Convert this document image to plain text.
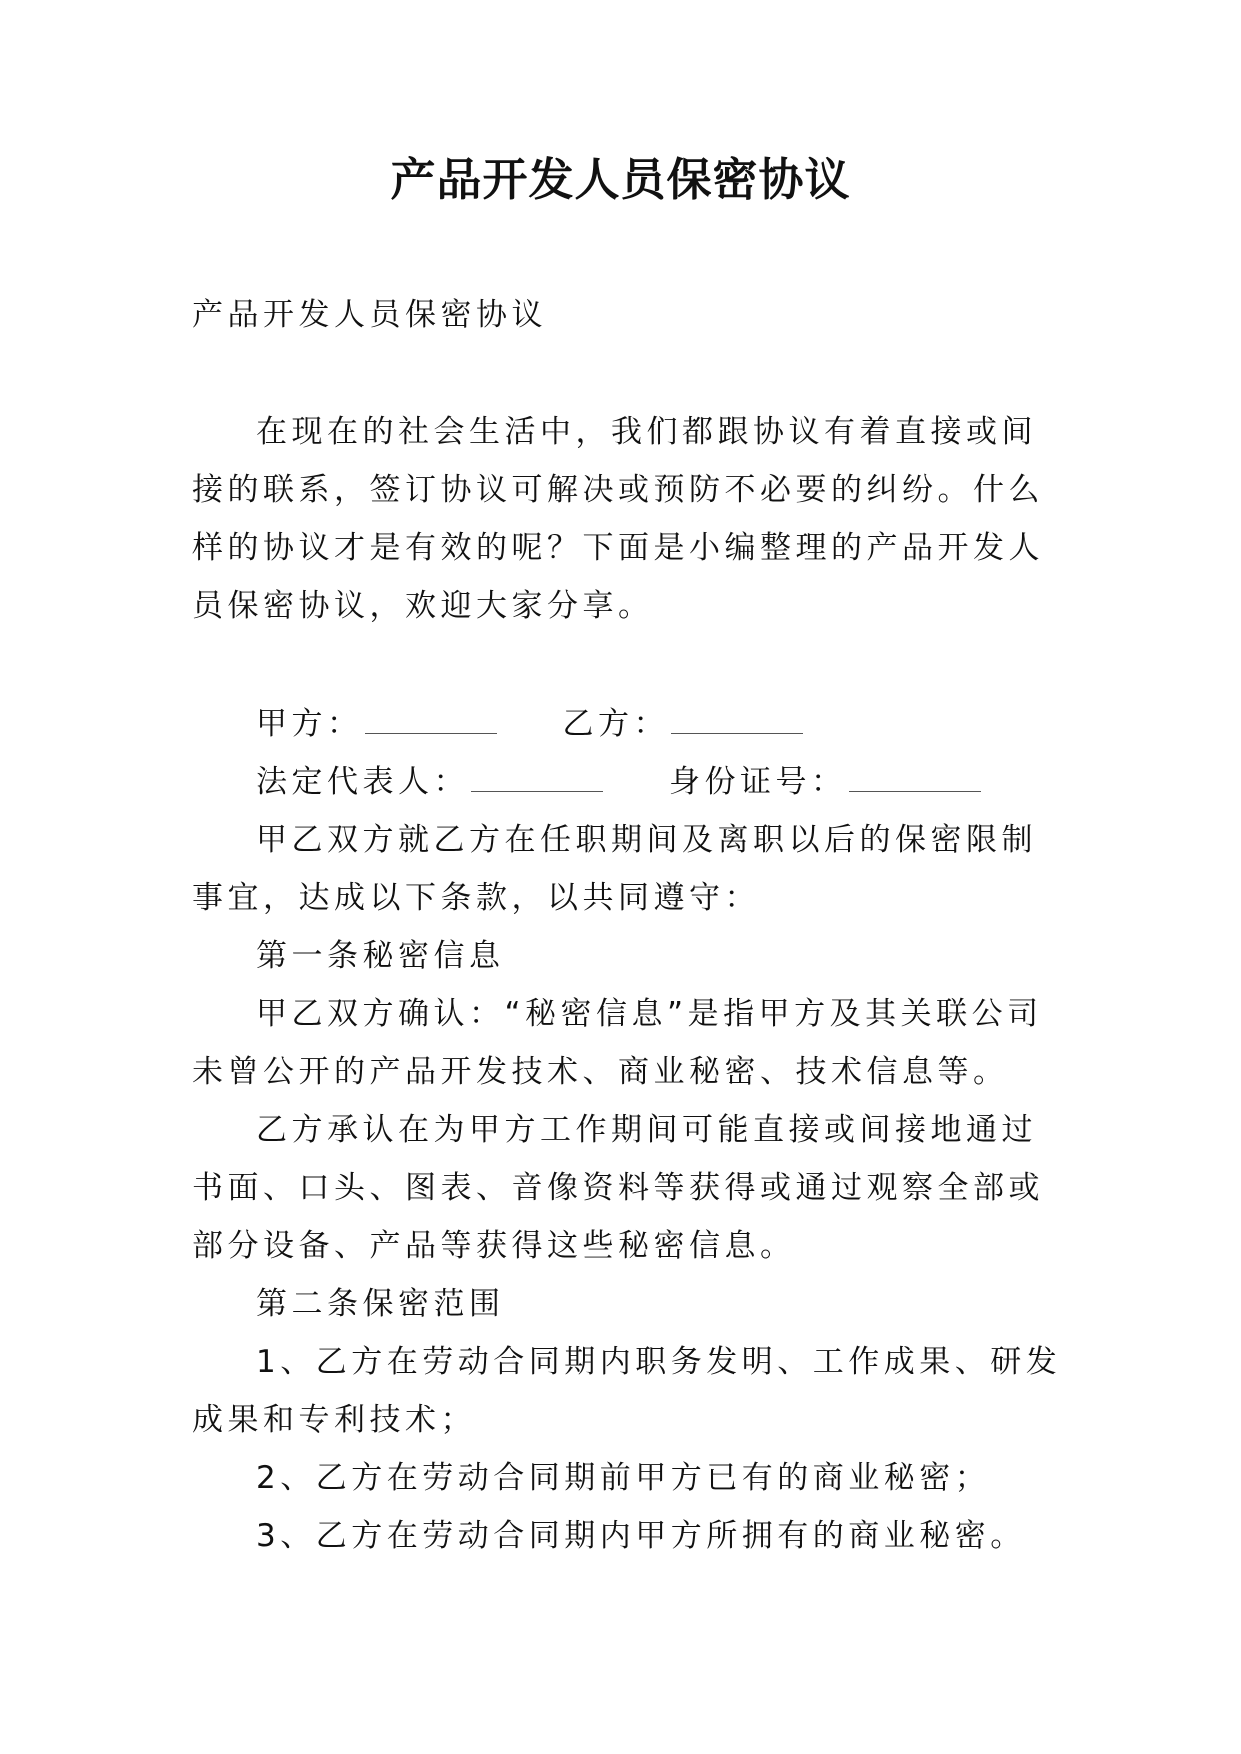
产品开发人员保密协议
产品开发人员保密协议
在现在的社会生活中，我们都跟协议有着直接或间接的联系，签订协议可解决或预防不必要的纠纷。什么样的协议才是有效的呢？下面是小编整理的产品开发人员保密协议，欢迎大家分享。

甲方：	乙方：

法定代表人：	身份证号：

甲乙双方就乙方在任职期间及离职以后的保密限制事宜，达成以下条款，以共同遵守：

第一条秘密信息

甲乙双方确认：“秘密信息”是指甲方及其关联公司未曾公开的产品开发技术、商业秘密、技术信息等。

乙方承认在为甲方工作期间可能直接或间接地通过书面、口头、图表、音像资料等获得或通过观察全部或部分设备、产品等获得这些秘密信息。

第二条保密范围

1、乙方在劳动合同期内职务发明、工作成果、研发成果和专利技术；

2、乙方在劳动合同期前甲方已有的商业秘密；

3、乙方在劳动合同期内甲方所拥有的商业秘密。
